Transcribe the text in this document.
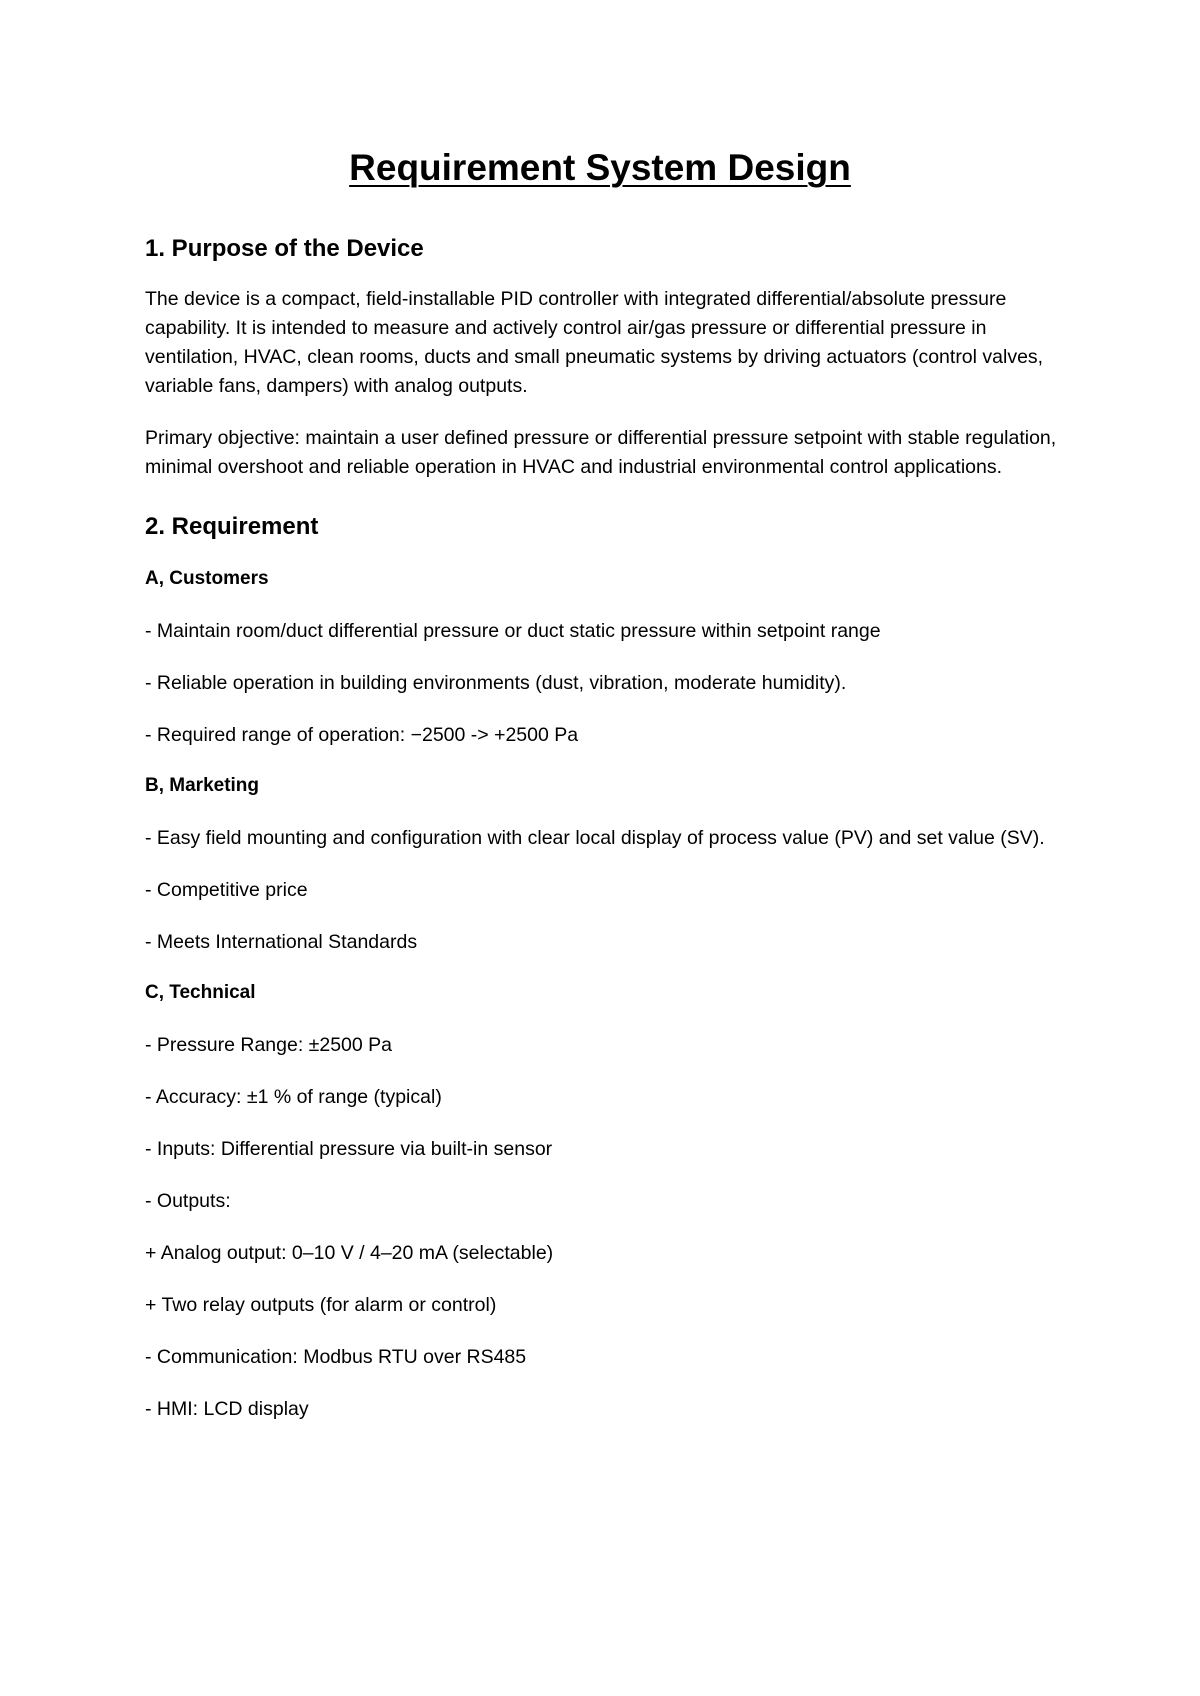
Requirement System Design
1. Purpose of the Device

The device is a compact, field-installable PID controller with integrated differential/absolute pressure capability. It is intended to measure and actively control air/gas pressure or differential pressure in ventilation, HVAC, clean rooms, ducts and small pneumatic systems by driving actuators (control valves, variable fans, dampers) with analog outputs.

Primary objective: maintain a user defined pressure or differential pressure setpoint with stable regulation, minimal overshoot and reliable operation in HVAC and industrial environmental control applications.

2. Requirement
A, Customers

- Maintain room/duct differential pressure or duct static pressure within setpoint range

- Reliable operation in building environments (dust, vibration, moderate humidity).

- Required range of operation: −2500 -> +2500 Pa

B, Marketing

- Easy field mounting and configuration with clear local display of process value (PV) and set value (SV).

- Competitive price

- Meets International Standards

C, Technical

- Pressure Range: ±2500 Pa

- Accuracy: ±1 % of range (typical)

- Inputs: Differential pressure via built-in sensor

- Outputs:

+ Analog output: 0–10 V / 4–20 mA (selectable)

+ Two relay outputs (for alarm or control)

- Communication: Modbus RTU over RS485

- HMI: LCD display
